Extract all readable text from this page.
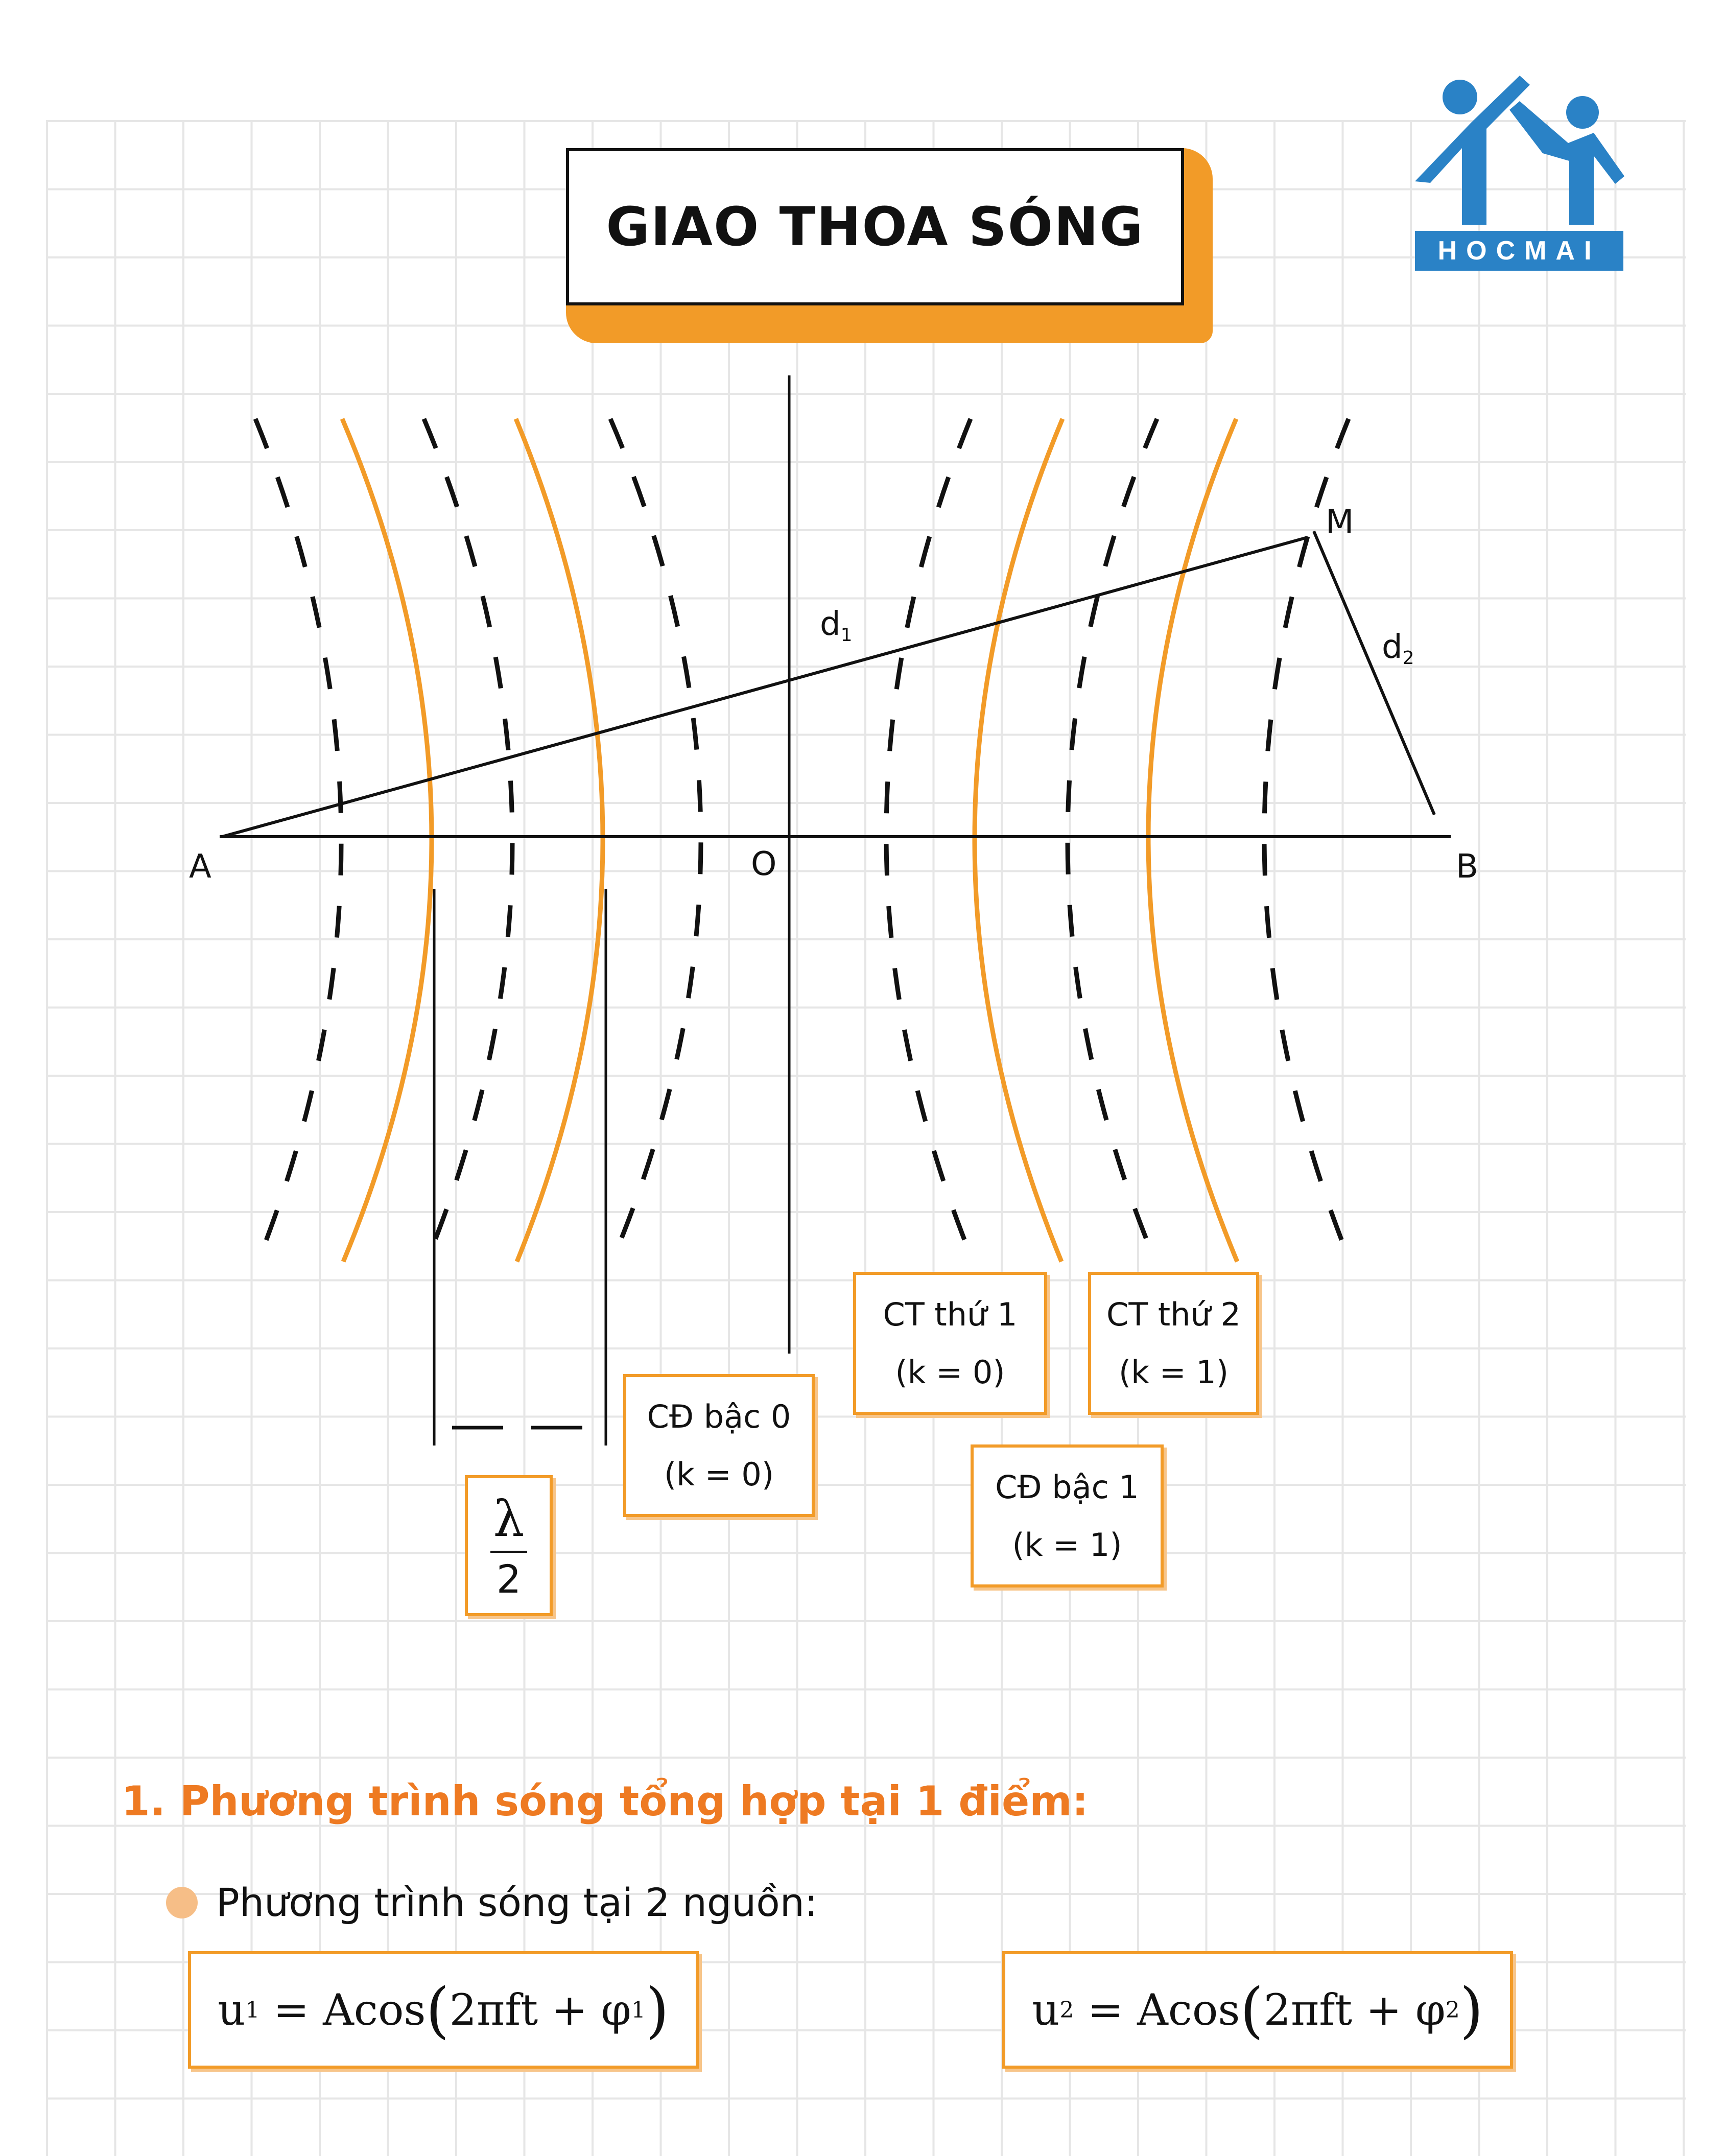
HOCMAI
GIAO THOA SÓNG
A	O	B
M
$d_1$	$d_2$
λ
2
CĐ bậc 0
(k = 0)
CT thứ 1
(k = 0)
CT thứ 2
(k = 1)
CĐ bậc 1
(k = 1)
1. Phương trình sóng tổng hợp tại 1 điểm:
Phương trình sóng tại 2 nguồn:
u 1 = Acos ( 2πft + φ 1 )	u 2 = Acos ( 2πft + φ 2 )
